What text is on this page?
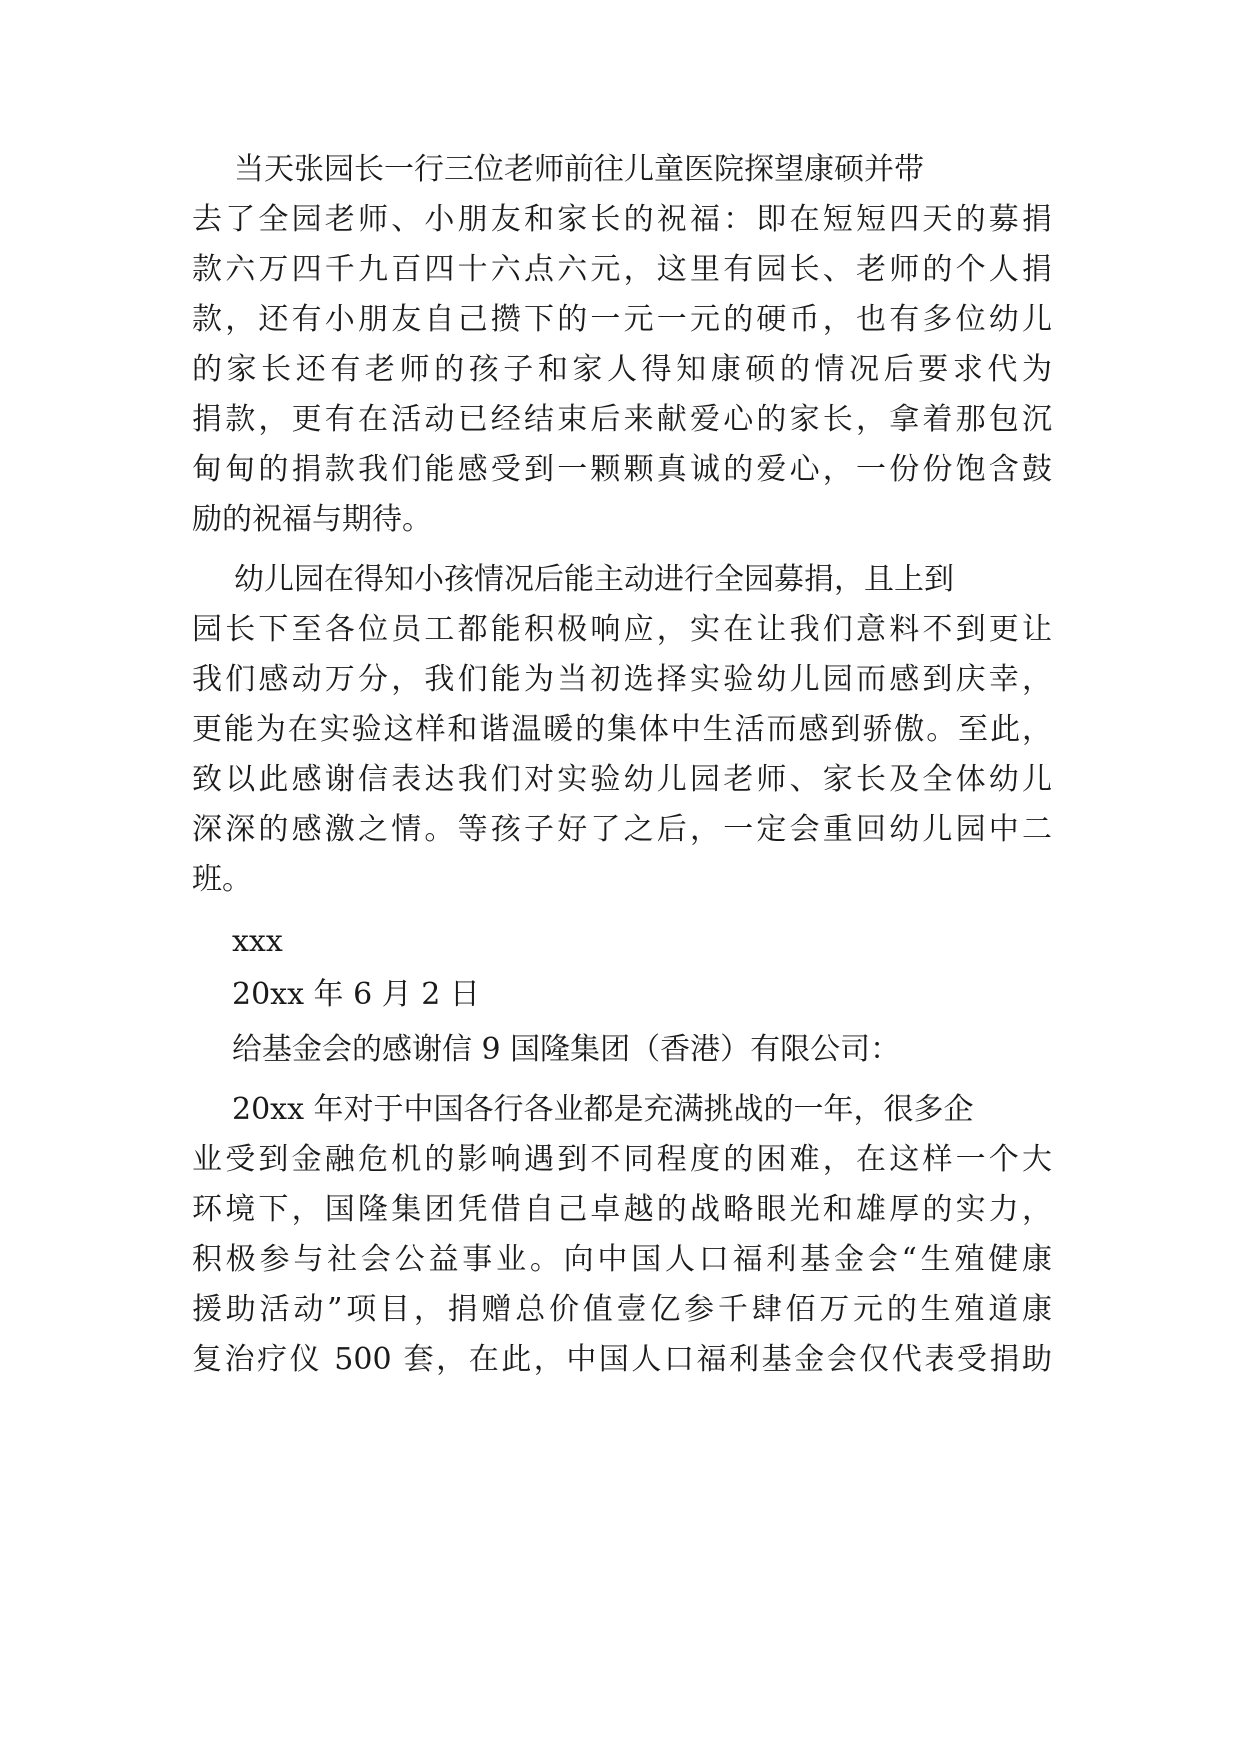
当天张园长一行三位老师前往儿童医院探望康硕并带
去了全园老师、小朋友和家长的祝福：即在短短四天的募捐
款六万四千九百四十六点六元，这里有园长、老师的个人捐
款，还有小朋友自己攒下的一元一元的硬币，也有多位幼儿
的家长还有老师的孩子和家人得知康硕的情况后要求代为
捐款，更有在活动已经结束后来献爱心的家长，拿着那包沉
甸甸的捐款我们能感受到一颗颗真诚的爱心，一份份饱含鼓
励的祝福与期待。
幼儿园在得知小孩情况后能主动进行全园募捐，且上到
园长下至各位员工都能积极响应，实在让我们意料不到更让
我们感动万分，我们能为当初选择实验幼儿园而感到庆幸，
更能为在实验这样和谐温暖的集体中生活而感到骄傲。至此，
致以此感谢信表达我们对实验幼儿园老师、家长及全体幼儿
深深的感激之情。等孩子好了之后，一定会重回幼儿园中二
班。
xxx
20xx 年 6 月 2 日
给基金会的感谢信 9 国隆集团（香港）有限公司：
20xx 年对于中国各行各业都是充满挑战的一年，很多企
业受到金融危机的影响遇到不同程度的困难，在这样一个大
环境下，国隆集团凭借自己卓越的战略眼光和雄厚的实力，
积极参与社会公益事业。向中国人口福利基金会“生殖健康
援助活动”项目，捐赠总价值壹亿参千肆佰万元的生殖道康
复治疗仪 500 套，在此，中国人口福利基金会仅代表受捐助
